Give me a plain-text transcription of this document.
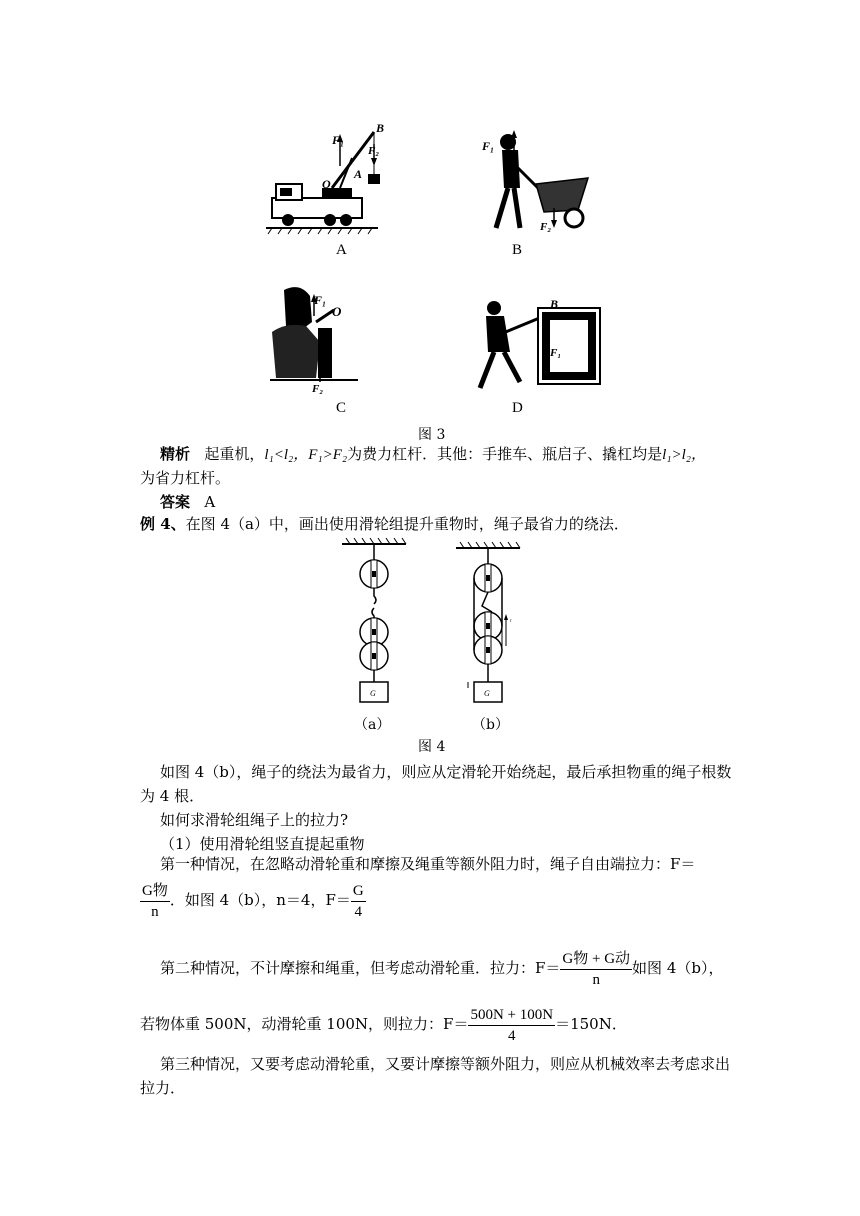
F₁
B
F₂
O
A
A
F₁
F₂
B
F₁
O
F₂
C
F₁
B
D
图 3
精析 起重机，l₁<l₂，F₁>F₂为费力杠杆．其他：手推车、瓶启子、撬杠均是l₁>l₂，
为省力杠杆。
答案 A
例 4、在图 4（a）中，画出使用滑轮组提升重物时，绳子最省力的绕法．
G
ʳ
G
（a）	（b）
图 4
如图 4（b），绳子的绕法为最省力，则应从定滑轮开始绕起，最后承担物重的绳子根数
为 4 根．
如何求滑轮组绳子上的拉力?
（1）使用滑轮组竖直提起重物
第一种情况，在忽略动滑轮重和摩擦及绳重等额外阻力时，绳子自由端拉力：F＝
$\frac{\text{G物}}{n}$ ．如图 4（b），n＝4，$F= \frac{G}{4}$
第二种情况，不计摩擦和绳重，但考虑动滑轮重．拉力：$F= \frac{\text{G物 + G动}}{n}$ 如图 4（b），
若物体重 500N，动滑轮重 100N，则拉力：$F= \frac{500N + 100N}{4} =150N$．
第三种情况，又要考虑动滑轮重，又要计摩擦等额外阻力，则应从机械效率去考虑求出
拉力．
